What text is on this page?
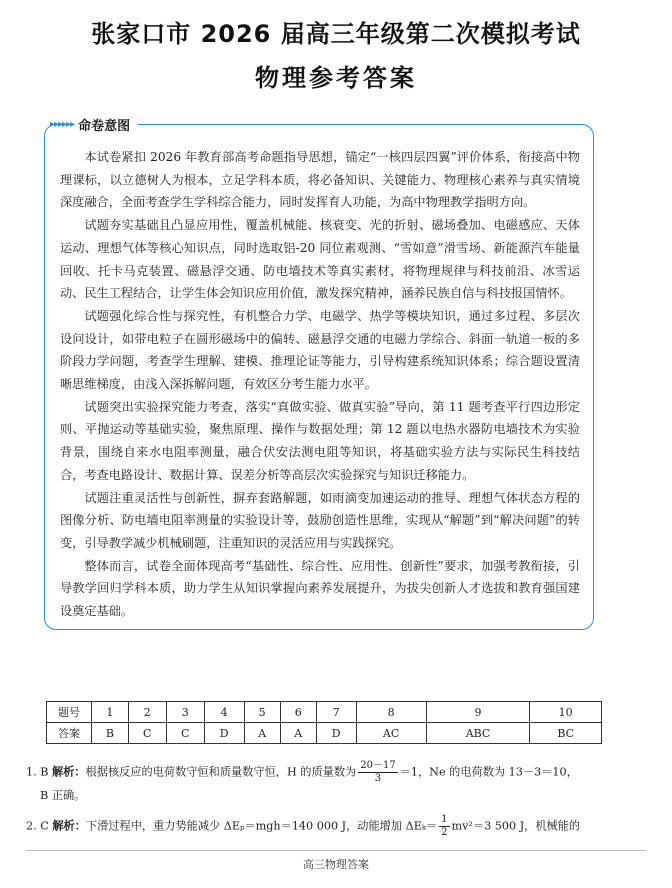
张家口市 2026 届高三年级第二次模拟考试
物理参考答案
▸▸▸▸▸▸ 命卷意图

本试卷紧扣 2026 年教育部高考命题指导思想，锚定“一核四层四翼”评价体系，衔接高中物理课标，以立德树人为根本，立足学科本质，将必备知识、关键能力、物理核心素养与真实情境深度融合，全面考查学生学科综合能力，同时发挥育人功能，为高中物理教学指明方向。

试题夯实基础且凸显应用性，覆盖机械能、核衰变、光的折射、磁场叠加、电磁感应、天体运动、理想气体等核心知识点，同时选取铝-20 同位素观测、“雪如意”滑雪场、新能源汽车能量回收、托卡马克装置、磁悬浮交通、防电墙技术等真实素材，将物理规律与科技前沿、冰雪运动、民生工程结合，让学生体会知识应用价值，激发探究精神，涵养民族自信与科技报国情怀。

试题强化综合性与探究性，有机整合力学、电磁学、热学等模块知识，通过多过程、多层次设问设计，如带电粒子在圆形磁场中的偏转、磁悬浮交通的电磁力学综合、斜面一轨道一板的多阶段力学问题，考查学生理解、建模、推理论证等能力，引导构建系统知识体系；综合题设置清晰思维梯度，由浅入深拆解问题，有效区分考生能力水平。

试题突出实验探究能力考查，落实“真做实验、做真实验”导向，第 11 题考查平行四边形定则、平抛运动等基础实验，聚焦原理、操作与数据处理；第 12 题以电热水器防电墙技术为实验背景，围绕自来水电阻率测量，融合伏安法测电阻等知识，将基础实验方法与实际民生科技结合，考查电路设计、数据计算、误差分析等高层次实验探究与知识迁移能力。

试题注重灵活性与创新性，摒弃套路解题，如雨滴变加速运动的推导、理想气体状态方程的图像分析、防电墙电阻率测量的实验设计等，鼓励创造性思维，实现从“解题”到“解决问题”的转变，引导教学减少机械刷题，注重知识的灵活应用与实践探究。

整体而言，试卷全面体现高考“基础性、综合性、应用性、创新性”要求，加强考教衔接，引导教学回归学科本质，助力学生从知识掌握向素养发展提升，为拔尖创新人才选拔和教育强国建设奠定基础。

题号	1	2	3	4	5	6	7	8	9	10
答案	B	C	C	D	A	A	D	AC	ABC	BC
1. B 解析：根据核反应的电荷数守恒和质量数守恒，H 的质量数为 $\frac{20-17}{3} =1$，Ne 的电荷数为 13－3＝10，
B 正确。
2. C 解析：下滑过程中，重力势能减少 ΔEₚ＝mgh＝140 000 J，动能增加 $\Delta E_k= \frac{1}{2} mv^2=3$ 500 J，机械能的
高三物理答案
